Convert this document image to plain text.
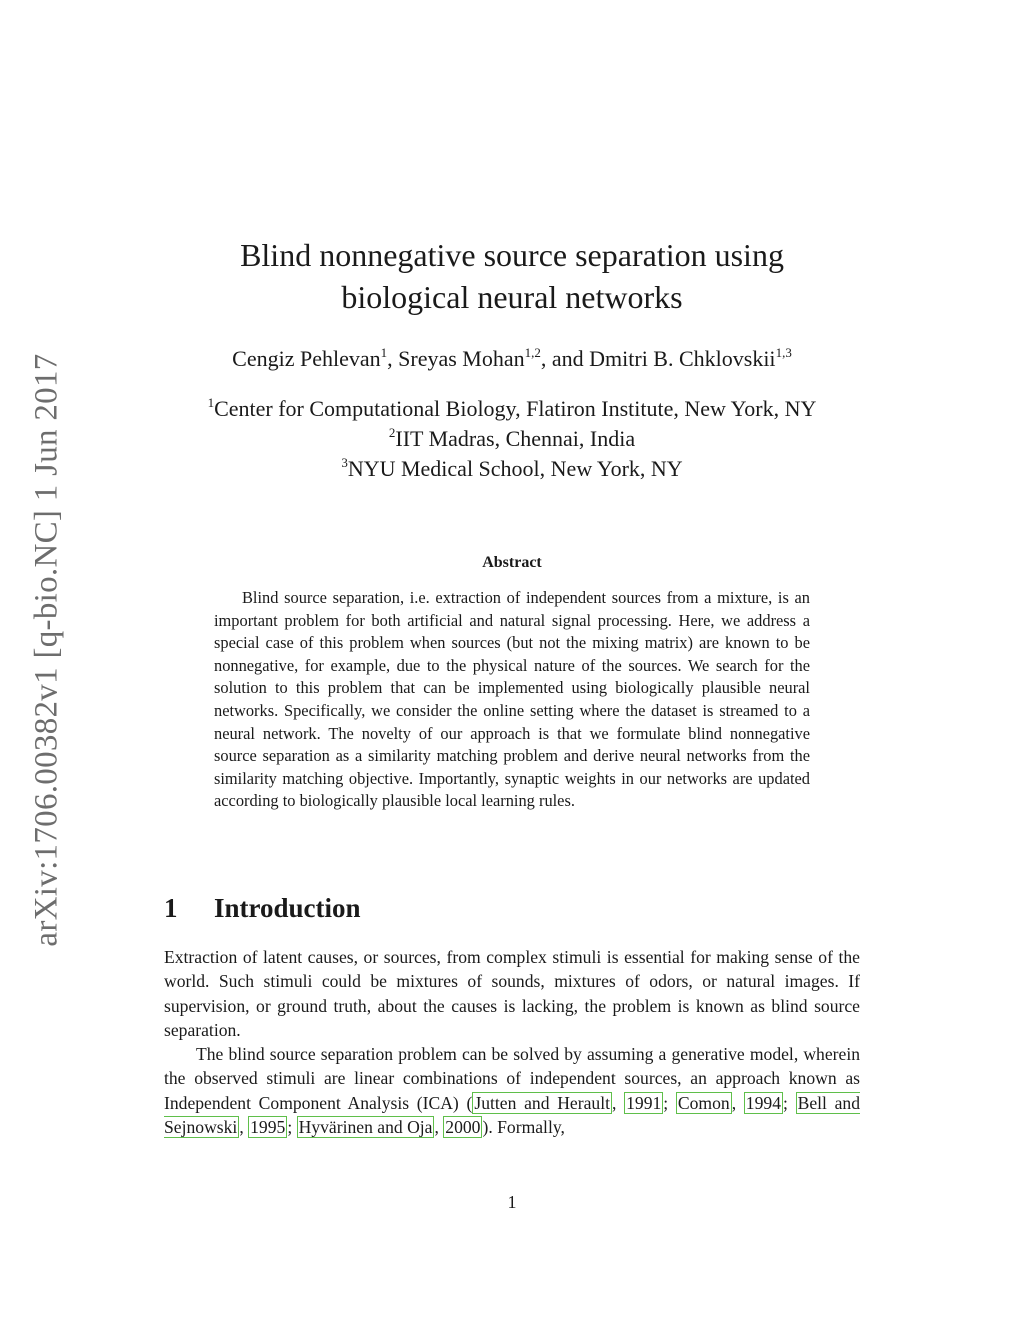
arXiv:1706.00382v1 [q-bio.NC] 1 Jun 2017
Blind nonnegative source separation using
biological neural networks
Cengiz Pehlevan$^1$, Sreyas Mohan$^{1,2}$, and Dmitri B. Chklovskii$^{1,3}$
$^1$Center for Computational Biology, Flatiron Institute, New York, NY
$^2$IIT Madras, Chennai, India
$^3$NYU Medical School, New York, NY
Abstract
Blind source separation, i.e. extraction of independent sources from a mixture, is an important problem for both artificial and natural signal processing. Here, we address a special case of this problem when sources (but not the mixing matrix) are known to be nonnegative, for example, due to the physical nature of the sources. We search for the solution to this problem that can be implemented using biologically plausible neural networks. Specifically, we consider the online setting where the dataset is streamed to a neural network. The novelty of our approach is that we formulate blind nonnegative source separation as a similarity matching problem and derive neural networks from the similarity matching objective. Importantly, synaptic weights in our networks are updated according to biologically plausible local learning rules.
1 Introduction
Extraction of latent causes, or sources, from complex stimuli is essential for making sense of the world. Such stimuli could be mixtures of sounds, mixtures of odors, or natural images. If supervision, or ground truth, about the causes is lacking, the problem is known as blind source separation.
The blind source separation problem can be solved by assuming a generative model, wherein the observed stimuli are linear combinations of independent sources, an approach known as Independent Component Analysis (ICA) ( Jutten and Herault , 1991 ; Comon , 1994 ; Bell and Sejnowski , 1995 ; Hyvärinen and Oja , 2000 ). Formally,
1
